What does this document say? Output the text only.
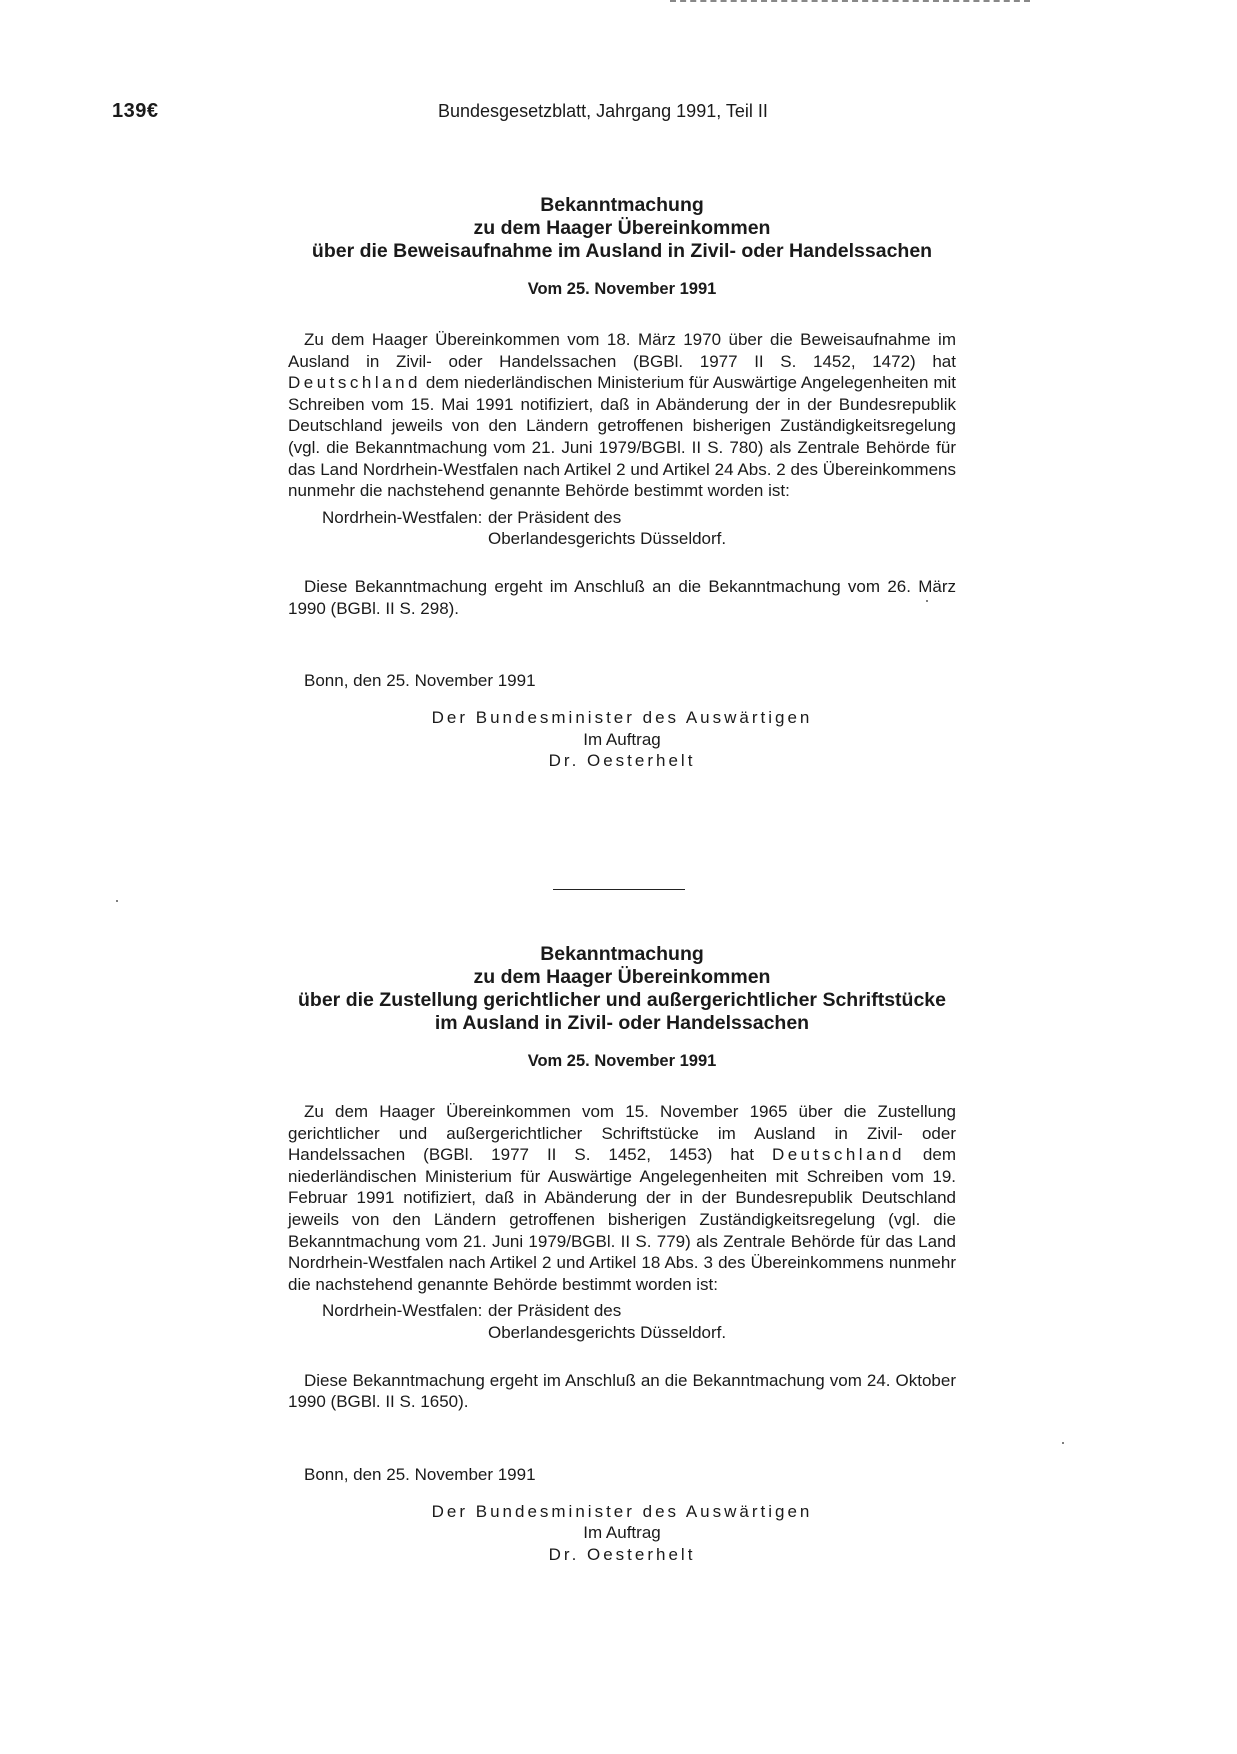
139€	Bundesgesetzblatt, Jahrgang 1991, Teil II
Bekanntmachung
zu dem Haager Übereinkommen
über die Beweisaufnahme im Ausland in Zivil- oder Handelssachen
Vom 25. November 1991

Zu dem Haager Übereinkommen vom 18. März 1970 über die Beweisaufnahme im Ausland in Zivil- oder Handelssachen (BGBl. 1977 II S. 1452, 1472) hat Deutschland dem niederländischen Ministerium für Auswärtige Angelegenheiten mit Schreiben vom 15. Mai 1991 notifiziert, daß in Abänderung der in der Bundesrepublik Deutschland jeweils von den Ländern getroffenen bisherigen Zuständigkeitsregelung (vgl. die Bekanntmachung vom 21. Juni 1979/BGBl. II S. 780) als Zentrale Behörde für das Land Nordrhein-Westfalen nach Artikel 2 und Artikel 24 Abs. 2 des Übereinkommens nunmehr die nachstehend genannte Behörde bestimmt worden ist:

Nordrhein-Westfalen: der Präsident des
Oberlandesgerichts Düsseldorf.

Diese Bekanntmachung ergeht im Anschluß an die Bekanntmachung vom 26. März 1990 (BGBl. II S. 298).

Bonn, den 25. November 1991
Der Bundesminister des Auswärtigen
Im Auftrag
Dr. Oesterhelt
Bekanntmachung
zu dem Haager Übereinkommen
über die Zustellung gerichtlicher und außergerichtlicher Schriftstücke
im Ausland in Zivil- oder Handelssachen
Vom 25. November 1991

Zu dem Haager Übereinkommen vom 15. November 1965 über die Zustellung gerichtlicher und außergerichtlicher Schriftstücke im Ausland in Zivil- oder Handelssachen (BGBl. 1977 II S. 1452, 1453) hat Deutschland dem niederländischen Ministerium für Auswärtige Angelegenheiten mit Schreiben vom 19. Februar 1991 notifiziert, daß in Abänderung der in der Bundesrepublik Deutschland jeweils von den Ländern getroffenen bisherigen Zuständigkeitsregelung (vgl. die Bekanntmachung vom 21. Juni 1979/BGBl. II S. 779) als Zentrale Behörde für das Land Nordrhein-Westfalen nach Artikel 2 und Artikel 18 Abs. 3 des Übereinkommens nunmehr die nachstehend genannte Behörde bestimmt worden ist:

Nordrhein-Westfalen: der Präsident des
Oberlandesgerichts Düsseldorf.

Diese Bekanntmachung ergeht im Anschluß an die Bekanntmachung vom 24. Oktober 1990 (BGBl. II S. 1650).

Bonn, den 25. November 1991
Der Bundesminister des Auswärtigen
Im Auftrag
Dr. Oesterhelt
